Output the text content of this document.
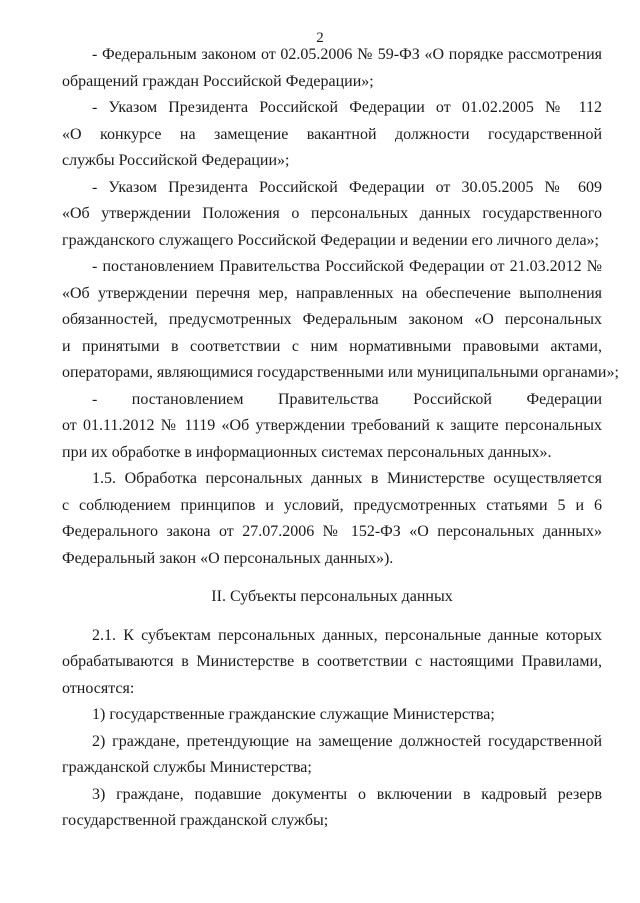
2
- Федеральным законом от 02.05.2006 № 59-ФЗ «О порядке рассмотрения
обращений граждан Российской Федерации»;
- Указом Президента Российской Федерации от 01.02.2005 № 112
«О конкурсе на замещение вакантной должности государственной
службы Российской Федерации»;
- Указом Президента Российской Федерации от 30.05.2005 № 609
«Об утверждении Положения о персональных данных государственного
гражданского служащего Российской Федерации и ведении его личного дела»;
- постановлением Правительства Российской Федерации от 21.03.2012 №
«Об утверждении перечня мер, направленных на обеспечение выполнения
обязанностей, предусмотренных Федеральным законом «О персональных
и принятыми в соответствии с ним нормативными правовыми актами,
операторами, являющимися государственными или муниципальными органами»;
- постановлением Правительства Российской Федерации
от 01.11.2012 № 1119 «Об утверждении требований к защите персональных
при их обработке в информационных системах персональных данных».
1.5. Обработка персональных данных в Министерстве осуществляется
с соблюдением принципов и условий, предусмотренных статьями 5 и 6
Федерального закона от 27.07.2006 № 152-ФЗ «О персональных данных»
Федеральный закон «О персональных данных»).
II. Субъекты персональных данных
2.1. К субъектам персональных данных, персональные данные которых
обрабатываются в Министерстве в соответствии с настоящими Правилами,
относятся:
1) государственные гражданские служащие Министерства;
2) граждане, претендующие на замещение должностей государственной
гражданской службы Министерства;
3) граждане, подавшие документы о включении в кадровый резерв
государственной гражданской службы;
